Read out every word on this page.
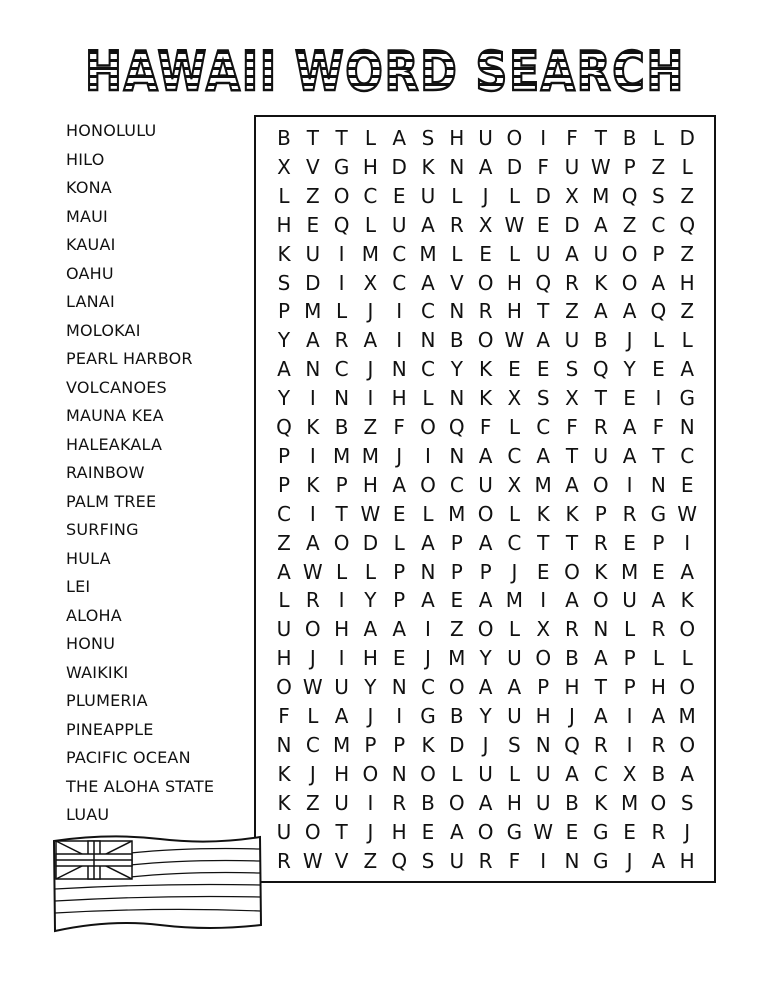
HAWAII WORD SEARCH
HONOLULU
HILO
KONA
MAUI
KAUAI
OAHU
LANAI
MOLOKAI
PEARL HARBOR
VOLCANOES
MAUNA KEA
HALEAKALA
RAINBOW
PALM TREE
SURFING
HULA
LEI
ALOHA
HONU
WAIKIKI
PLUMERIA
PINEAPPLE
PACIFIC OCEAN
THE ALOHA STATE
LUAU
B T T L A S H U O I	F T B L D
X V G H D K N A D F U W P Z L
L Z O C E U L	J	L D X M Q S Z
H E Q L U A R X W E D A Z C Q
K U I M C M L E L U A U O P Z
S D I X C A V O H Q R K O A H
P M L	J	I C N R H T Z A A Q Z
Y A R A I N B O W A U B J	L L
A N C J N C Y K E E S Q Y E A
Y I N I H L N K X S X T E I G
Q K B Z F O Q F L C F R A F N
P I M M J	I N A C A T U A T C
P K P H A O C U X M A O I N E
C I T W E L M O L K K P R G W
Z A O D L A P A C T T R E P I
A W L L P N P P J E O K M E A
L R I Y P A E A M I A O U A K
U O H A A I Z O L X R N L R O
H J	I H E J M Y U O B A P L L
O W U Y N C O A A P H T P H O
F L A J	I G B Y U H J A I A M
N C M P P K D J S N Q R I R O
K J H O N O L U L U A C X B A
K Z U I R B O A H U B K M O S
U O T J H E A O G W E G E R J
R W V Z Q S U R F	I N G J A H
